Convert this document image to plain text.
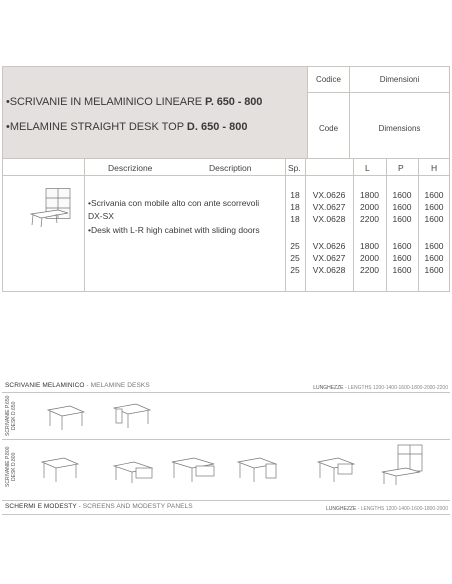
•SCRIVANIE IN MELAMINICO LINEARE P. 650 - 800
•MELAMINE STRAIGHT DESK TOP D. 650 - 800
Codice	Dimensioni
Code	Dimensions
Descrizione	Description	Sp.	L	P	H
•Scrivania con mobile alto con ante scorrevoli
DX-SX
•Desk with L-R high cabinet with sliding doors
18	VX.0626	1800	1600	1600
18	VX.0627	2000	1600	1600
18	VX.0628	2200	1600	1600
25	VX.0626	1800	1600	1600
25	VX.0627	2000	1600	1600
25	VX.0628	2200	1600	1600
SCRIVANIE MELAMINICO - MELAMINE DESKS	LUNGHEZZE - LENGTHS 1200-1400-1600-1800-2000-2200
SCRIVANIE P.650
DESK D.650
SCRIVANIE P.800
DESK D.800
SCHERMI E MODESTY - SCREENS AND MODESTY PANELS	LUNGHEZZE - LENGTHS 1200-1400-1600-1800-2000
